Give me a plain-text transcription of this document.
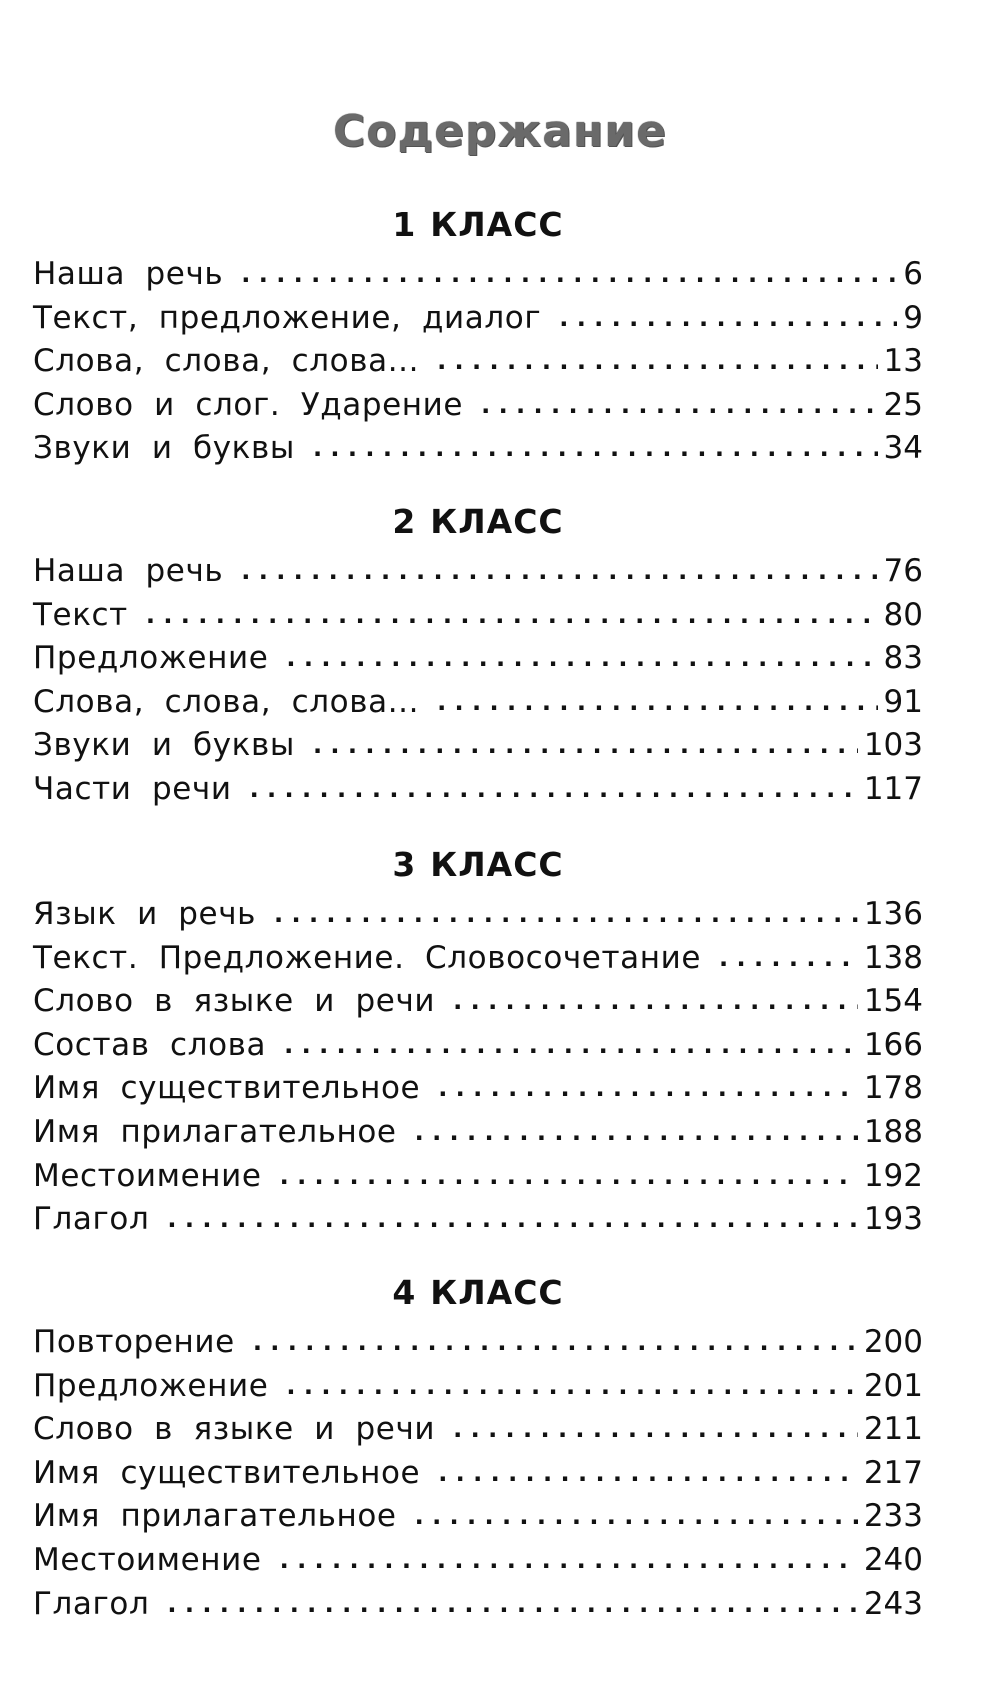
Содержание
1 КЛАСС
Наша речь . . .	6
Текст, предложение, диалог . . .	9
Слова, слова, слова... . . .	13
Слово и слог. Ударение . . .	25
Звуки и буквы . . .	34
2 КЛАСС
Наша речь . . .	76
Текст . . .	80
Предложение . . .	83
Слова, слова, слова... . . .	91
Звуки и буквы . . .	103
Части речи . . .	117
3 КЛАСС
Язык и речь . . .	136
Текст. Предложение. Словосочетание . . .	138
Слово в языке и речи . . .	154
Состав слова . . .	166
Имя существительное . . .	178
Имя прилагательное . . .	188
Местоимение . . .	192
Глагол . . .	193
4 КЛАСС
Повторение . . .	200
Предложение . . .	201
Слово в языке и речи . . .	211
Имя существительное . . .	217
Имя прилагательное . . .	233
Местоимение . . .	240
Глагол . . .	243
